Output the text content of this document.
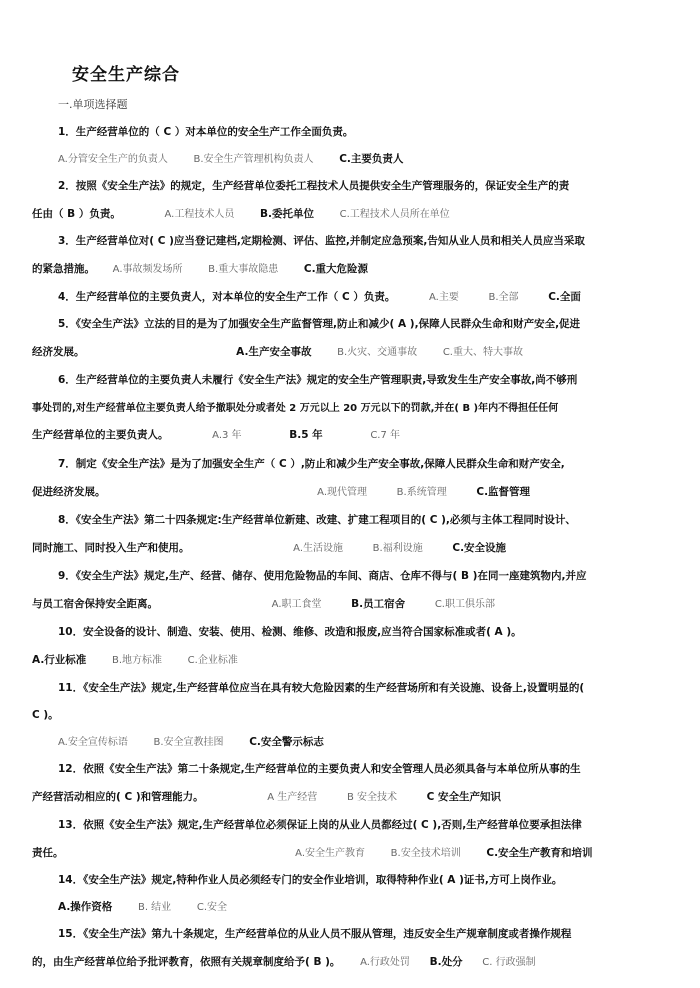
安全生产综合
一.单项选择题
1．生产经营单位的（ C ）对本单位的安全生产工作全面负责。
A.分管安全生产的负责人	B.安全生产管理机构负责人 C.主要负责人
2．按照《安全生产法》的规定，生产经营单位委托工程技术人员提供安全生产管理服务的，保证安全生产的责
任由（ B ）负责。	A.工程技术人员 B.委托单位	C.工程技术人员所在单位
3．生产经营单位对( C )应当登记建档,定期检测、评估、监控,并制定应急预案,告知从业人员和相关人员应当采取
的紧急措施。 A.事故频发场所	B.重大事故隐患 C.重大危险源
4．生产经营单位的主要负责人，对本单位的安全生产工作（ C ）负责。	A.主要	B.全部	C.全面
5．《安全生产法》立法的目的是为了加强安全生产监督管理,防止和减少( A ),保障人民群众生命和财产安全,促进
经济发展。	A.生产安全事故	B.火灾、交通事故	C.重大、特大事故
6．生产经营单位的主要负责人未履行《安全生产法》规定的安全生产管理职责,导致发生生产安全事故,尚不够刑
事处罚的,对生产经营单位主要负责人给予撤职处分或者处 2 万元以上 20 万元以下的罚款,并在( B )年内不得担任任何
生产经营单位的主要负责人。	A.3 年	B.5 年	C.7 年
7．制定《安全生产法》是为了加强安全生产（ C ）,防止和减少生产安全事故,保障人民群众生命和财产安全,
促进经济发展。	A.现代管理	B.系统管理	C.监督管理
8．《安全生产法》第二十四条规定:生产经营单位新建、改建、扩建工程项目的( C ),必须与主体工程同时设计、
同时施工、同时投入生产和使用。	A.生活设施	B.福利设施	C.安全设施
9．《安全生产法》规定,生产、经营、储存、使用危险物品的车间、商店、仓库不得与( B )在同一座建筑物内,并应
与员工宿舍保持安全距离。	A.职工食堂	B.员工宿舍	C.职工俱乐部
10．安全设备的设计、制造、安装、使用、检测、维修、改造和报废,应当符合国家标准或者( A )。
A.行业标准	B.地方标准	C.企业标准
11．《安全生产法》规定,生产经营单位应当在具有较大危险因素的生产经营场所和有关设施、设备上,设置明显的(
C )。
A.安全宣传标语	B.安全宣教挂图 C.安全警示标志
12．依照《安全生产法》第二十条规定,生产经营单位的主要负责人和安全管理人员必须具备与本单位所从事的生
产经营活动相应的( C )和管理能力。	A 生产经营	B 安全技术	C 安全生产知识
13．依照《安全生产法》规定,生产经营单位必须保证上岗的从业人员都经过( C ),否则,生产经营单位要承担法律
责任。	A.安全生产教育	B.安全技术培训 C.安全生产教育和培训
14．《安全生产法》规定,特种作业人员必须经专门的安全作业培训，取得特种作业( A )证书,方可上岗作业。
A.操作资格	B. 结业	C.安全
15．《安全生产法》第九十条规定，生产经营单位的从业人员不服从管理，违反安全生产规章制度或者操作规程
的，由生产经营单位给予批评教育，依照有关规章制度给予( B )。 A.行政处罚 B.处分 C. 行政强制
